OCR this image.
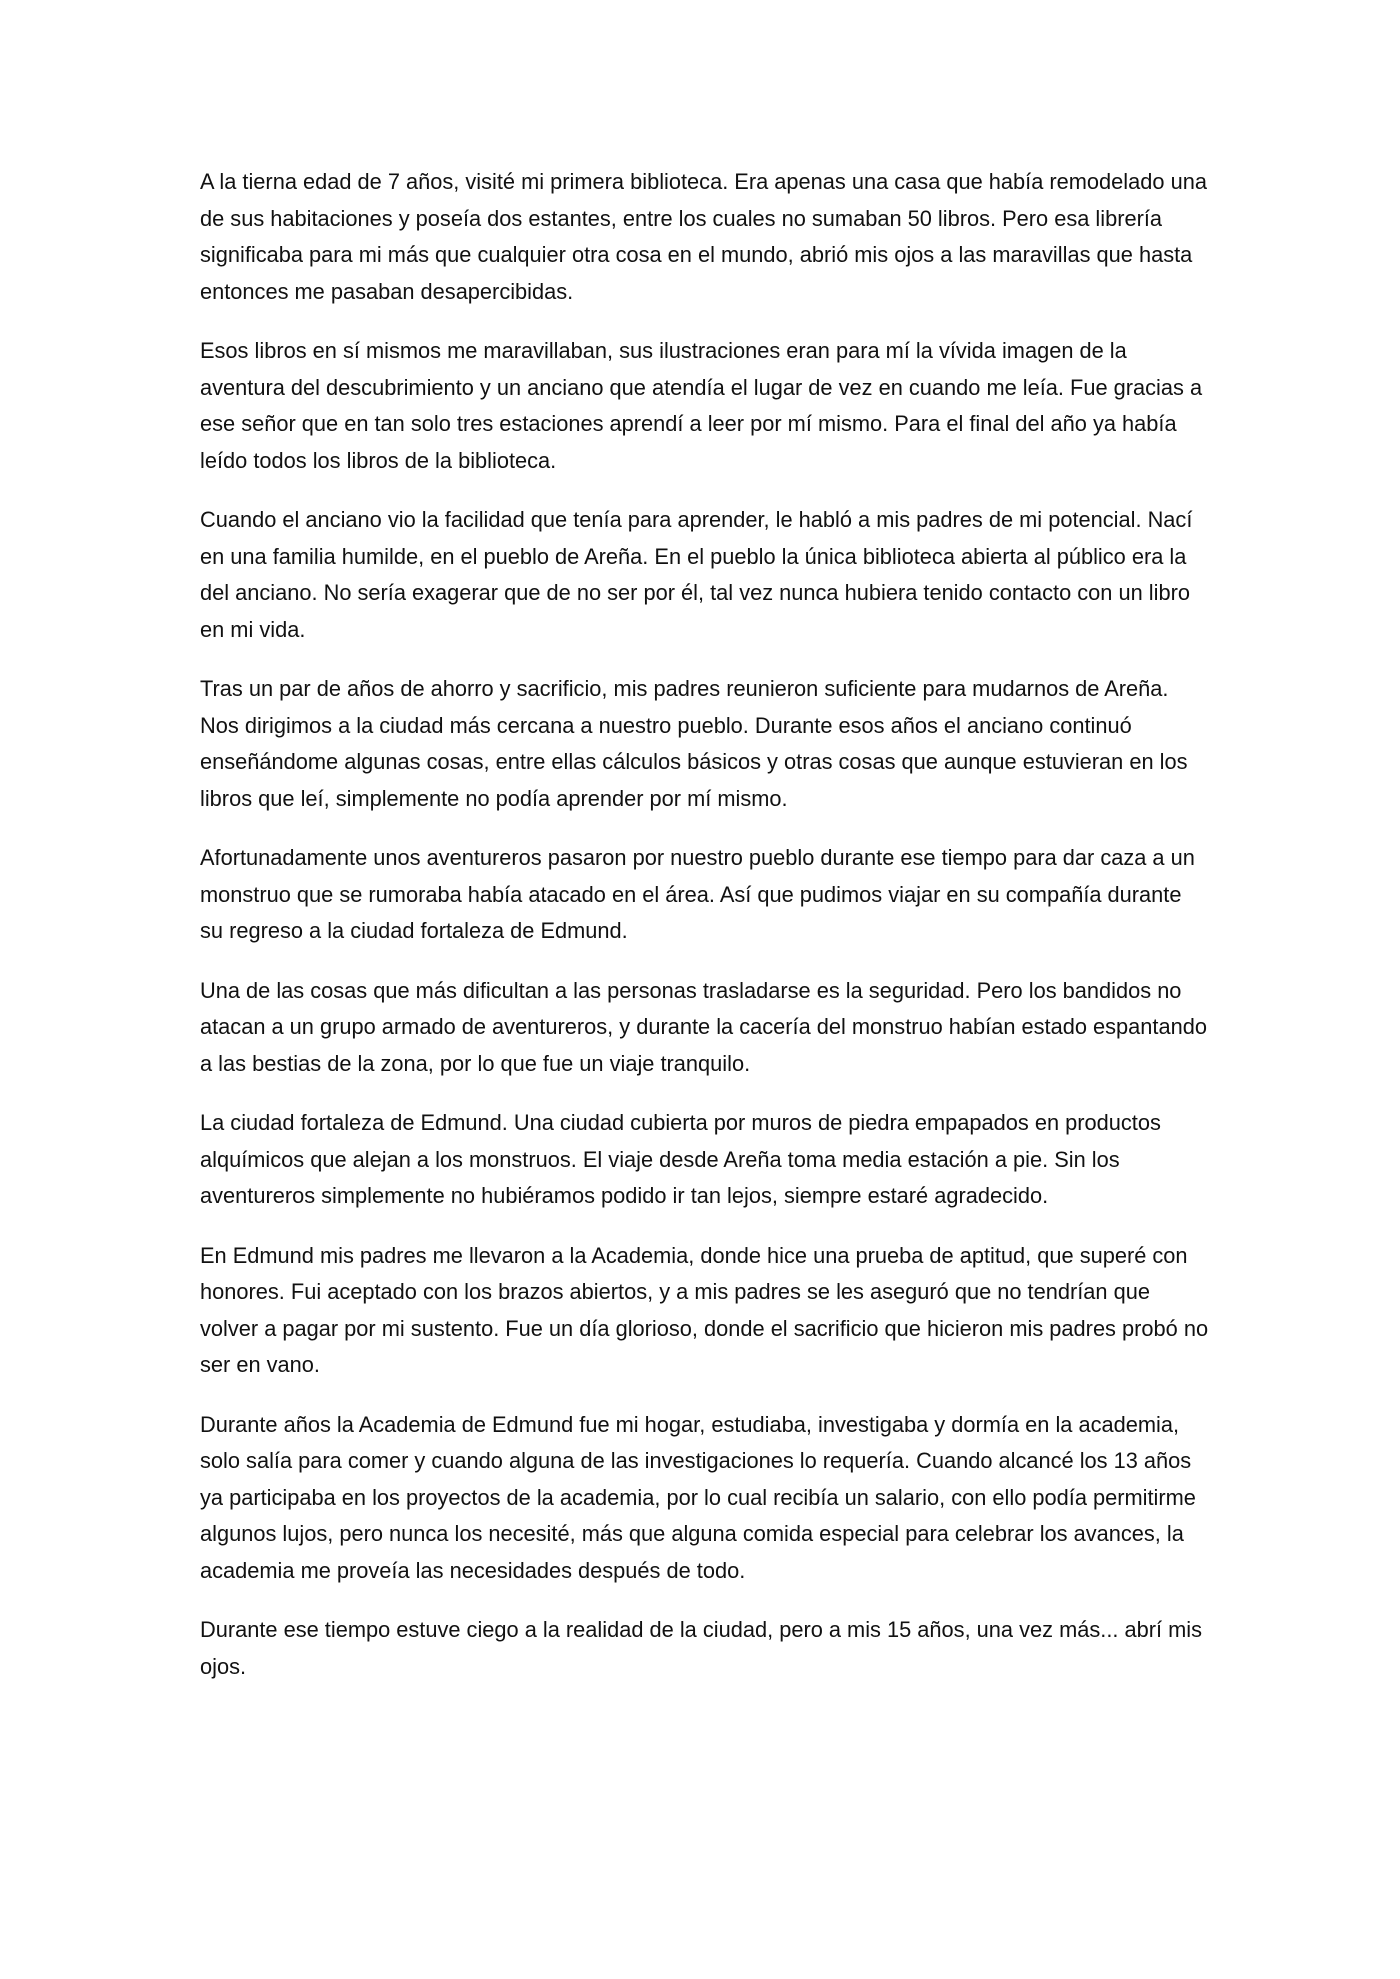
A la tierna edad de 7 años, visité mi primera biblioteca. Era apenas una casa que había remodelado una de sus habitaciones y poseía dos estantes, entre los cuales no sumaban 50 libros. Pero esa librería significaba para mi más que cualquier otra cosa en el mundo, abrió mis ojos a las maravillas que hasta entonces me pasaban desapercibidas.

Esos libros en sí mismos me maravillaban, sus ilustraciones eran para mí la vívida imagen de la aventura del descubrimiento y un anciano que atendía el lugar de vez en cuando me leía. Fue gracias a ese señor que en tan solo tres estaciones aprendí a leer por mí mismo. Para el final del año ya había leído todos los libros de la biblioteca.

Cuando el anciano vio la facilidad que tenía para aprender, le habló a mis padres de mi potencial. Nací en una familia humilde, en el pueblo de Areña. En el pueblo la única biblioteca abierta al público era la del anciano. No sería exagerar que de no ser por él, tal vez nunca hubiera tenido contacto con un libro en mi vida.

Tras un par de años de ahorro y sacrificio, mis padres reunieron suficiente para mudarnos de Areña. Nos dirigimos a la ciudad más cercana a nuestro pueblo. Durante esos años el anciano continuó enseñándome algunas cosas, entre ellas cálculos básicos y otras cosas que aunque estuvieran en los libros que leí, simplemente no podía aprender por mí mismo.

Afortunadamente unos aventureros pasaron por nuestro pueblo durante ese tiempo para dar caza a un monstruo que se rumoraba había atacado en el área. Así que pudimos viajar en su compañía durante su regreso a la ciudad fortaleza de Edmund.

Una de las cosas que más dificultan a las personas trasladarse es la seguridad. Pero los bandidos no atacan a un grupo armado de aventureros, y durante la cacería del monstruo habían estado espantando a las bestias de la zona, por lo que fue un viaje tranquilo.

La ciudad fortaleza de Edmund. Una ciudad cubierta por muros de piedra empapados en productos alquímicos que alejan a los monstruos. El viaje desde Areña toma media estación a pie. Sin los aventureros simplemente no hubiéramos podido ir tan lejos, siempre estaré agradecido.

En Edmund mis padres me llevaron a la Academia, donde hice una prueba de aptitud, que superé con honores. Fui aceptado con los brazos abiertos, y a mis padres se les aseguró que no tendrían que volver a pagar por mi sustento. Fue un día glorioso, donde el sacrificio que hicieron mis padres probó no ser en vano.

Durante años la Academia de Edmund fue mi hogar, estudiaba, investigaba y dormía en la academia, solo salía para comer y cuando alguna de las investigaciones lo requería. Cuando alcancé los 13 años ya participaba en los proyectos de la academia, por lo cual recibía un salario, con ello podía permitirme algunos lujos, pero nunca los necesité, más que alguna comida especial para celebrar los avances, la academia me proveía las necesidades después de todo.

Durante ese tiempo estuve ciego a la realidad de la ciudad, pero a mis 15 años, una vez más... abrí mis ojos.
